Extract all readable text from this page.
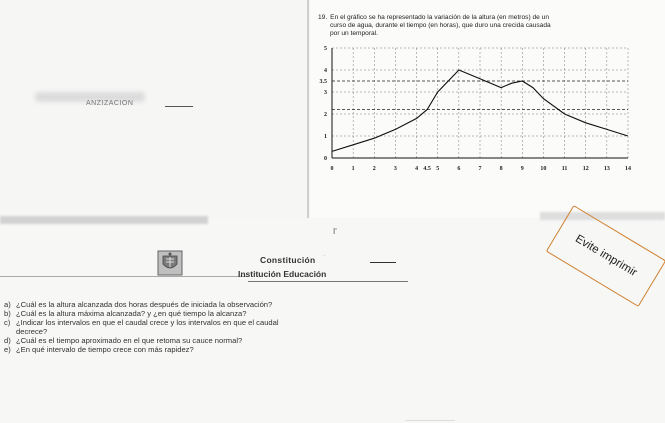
ANZIZACION
19. En el gráfico se ha representado la variación de la altura (en metros) de un
curso de agua, durante el tiempo (en horas), que duro una crecida causada
por un temporal.
0	1	2	3	4 4.5 5	6	7	8	9	10	11	12	13	14
0
1
2
3
3.5
4
5
I'
Constitución
...
Institución Educación	Evite imprimir
a) ¿Cuál es la altura alcanzada dos horas después de iniciada la observación?
b) ¿Cuál es la altura máxima alcanzada? y ¿en qué tiempo la alcanza?
c) ¿Indicar los intervalos en que el caudal crece y los intervalos en que el caudal decrece?
d) ¿Cuál es el tiempo aproximado en el que retoma su cauce normal?
e) ¿En qué intervalo de tiempo crece con más rapidez?
